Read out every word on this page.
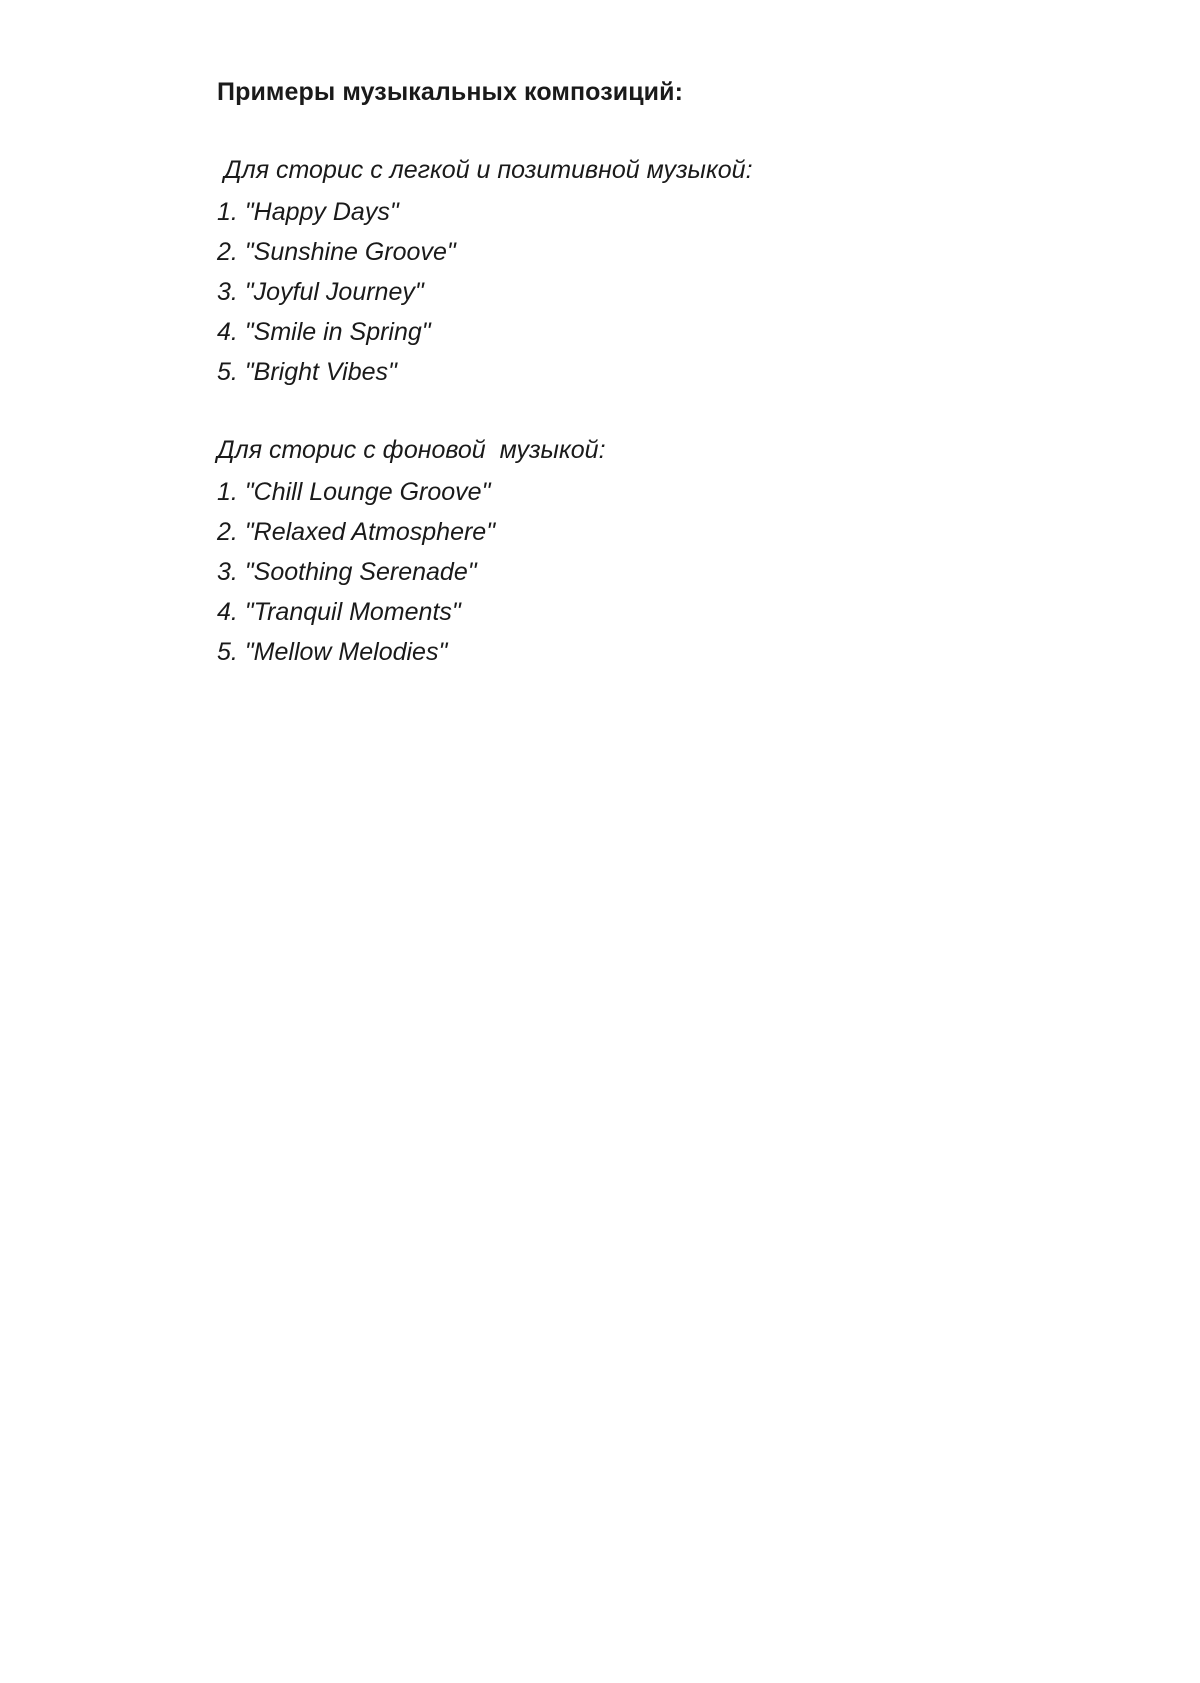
Примеры музыкальных композиций:
Для сторис с легкой и позитивной музыкой:
1. "Happy Days"
2. "Sunshine Groove"
3. "Joyful Journey"
4. "Smile in Spring"
5. "Bright Vibes"
Для сторис с фоновой  музыкой:
1. "Chill Lounge Groove"
2. "Relaxed Atmosphere"
3. "Soothing Serenade"
4. "Tranquil Moments"
5. "Mellow Melodies"
